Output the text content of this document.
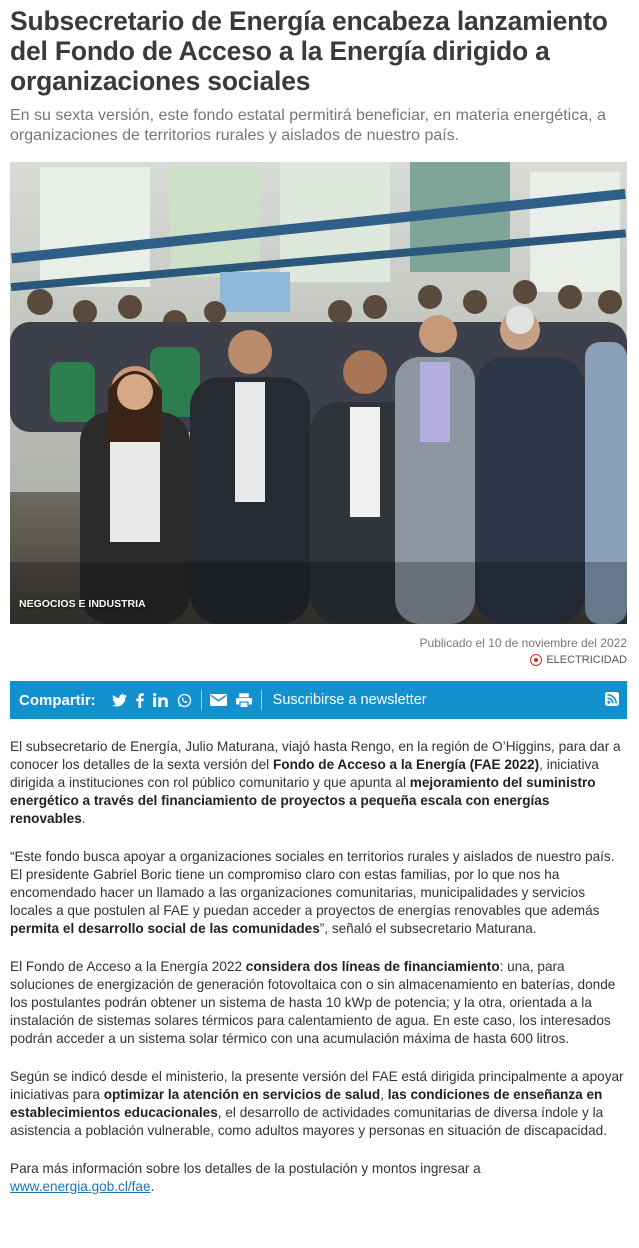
Subsecretario de Energía encabeza lanzamiento del Fondo de Acceso a la Energía dirigido a organizaciones sociales

En su sexta versión, este fondo estatal permitirá beneficiar, en materia energética, a organizaciones de territorios rurales y aislados de nuestro país.

NEGOCIOS E INDUSTRIA
Publicado el 10 de noviembre del 2022
ELECTRICIDAD
Compartir:	Suscribirse a newsletter

El subsecretario de Energía, Julio Maturana, viajó hasta Rengo, en la región de O’Higgins, para dar a conocer los detalles de la sexta versión del Fondo de Acceso a la Energía (FAE 2022), iniciativa dirigida a instituciones con rol público comunitario y que apunta al mejoramiento del suministro energético a través del financiamiento de proyectos a pequeña escala con energías renovables.

“Este fondo busca apoyar a organizaciones sociales en territorios rurales y aislados de nuestro país. El presidente Gabriel Boric tiene un compromiso claro con estas familias, por lo que nos ha encomendado hacer un llamado a las organizaciones comunitarias, municipalidades y servicios locales a que postulen al FAE y puedan acceder a proyectos de energías renovables que además permita el desarrollo social de las comunidades”, señaló el subsecretario Maturana.

El Fondo de Acceso a la Energía 2022 considera dos líneas de financiamiento: una, para soluciones de energización de generación fotovoltaica con o sin almacenamiento en baterías, donde los postulantes podrán obtener un sistema de hasta 10 kWp de potencia; y la otra, orientada a la instalación de sistemas solares térmicos para calentamiento de agua. En este caso, los interesados podrán acceder a un sistema solar térmico con una acumulación máxima de hasta 600 litros.

Según se indicó desde el ministerio, la presente versión del FAE está dirigida principalmente a apoyar iniciativas para optimizar la atención en servicios de salud, las condiciones de enseñanza en establecimientos educacionales, el desarrollo de actividades comunitarias de diversa índole y la asistencia a población vulnerable, como adultos mayores y personas en situación de discapacidad.

Para más información sobre los detalles de la postulación y montos ingresar a
www.energia.gob.cl/fae.
